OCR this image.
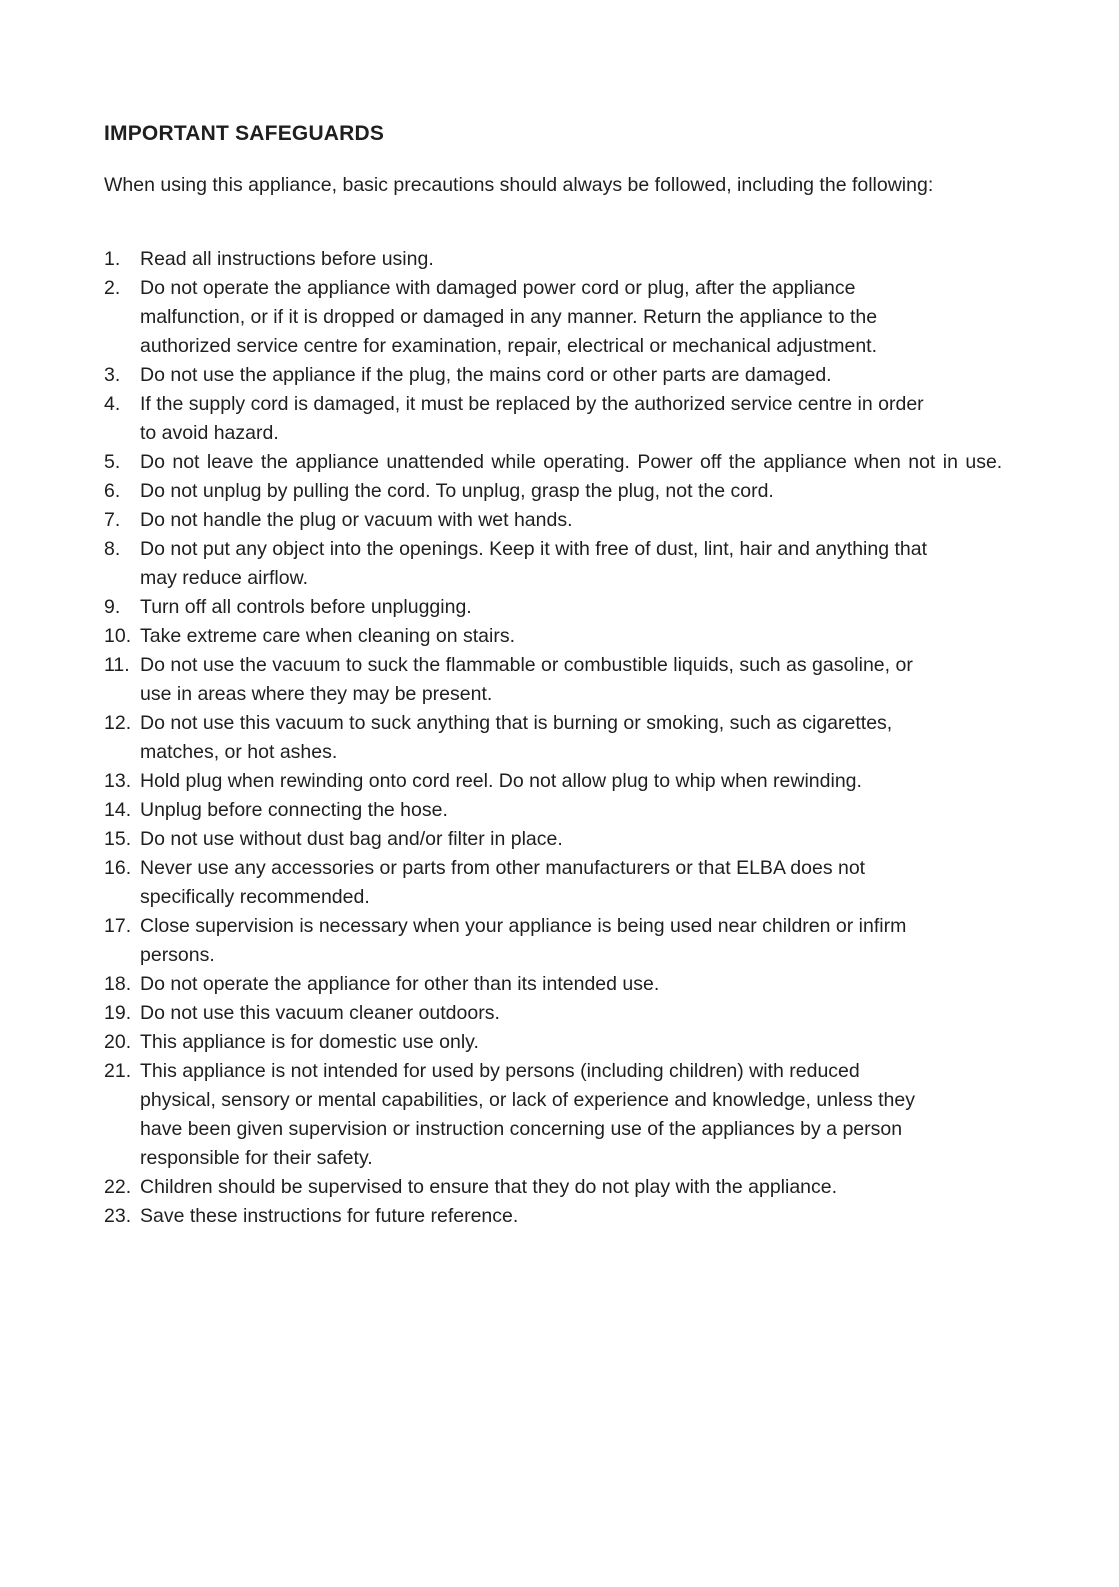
IMPORTANT SAFEGUARDS

When using this appliance, basic precautions should always be followed, including the following:

1.	Read all instructions before using.
2.	Do not operate the appliance with damaged power cord or plug, after the appliance malfunction, or if it is dropped or damaged in any manner. Return the appliance to the authorized service centre for examination, repair, electrical or mechanical adjustment.
3.	Do not use the appliance if the plug, the mains cord or other parts are damaged.
4.	If the supply cord is damaged, it must be replaced by the authorized service centre in order to avoid hazard.
5.	Do not leave the appliance unattended while operating. Power off the appliance when not in use.
6.	Do not unplug by pulling the cord. To unplug, grasp the plug, not the cord.
7.	Do not handle the plug or vacuum with wet hands.
8.	Do not put any object into the openings. Keep it with free of dust, lint, hair and anything that may reduce airflow.
9.	Turn off all controls before unplugging.
10. Take extreme care when cleaning on stairs.
11. Do not use the vacuum to suck the flammable or combustible liquids, such as gasoline, or use in areas where they may be present.
12. Do not use this vacuum to suck anything that is burning or smoking, such as cigarettes, matches, or hot ashes.
13. Hold plug when rewinding onto cord reel. Do not allow plug to whip when rewinding.
14. Unplug before connecting the hose.
15. Do not use without dust bag and/or filter in place.
16. Never use any accessories or parts from other manufacturers or that ELBA does not specifically recommended.
17. Close supervision is necessary when your appliance is being used near children or infirm persons.
18. Do not operate the appliance for other than its intended use.
19. Do not use this vacuum cleaner outdoors.
20. This appliance is for domestic use only.
21. This appliance is not intended for used by persons (including children) with reduced physical, sensory or mental capabilities, or lack of experience and knowledge, unless they have been given supervision or instruction concerning use of the appliances by a person responsible for their safety.
22. Children should be supervised to ensure that they do not play with the appliance.
23. Save these instructions for future reference.
